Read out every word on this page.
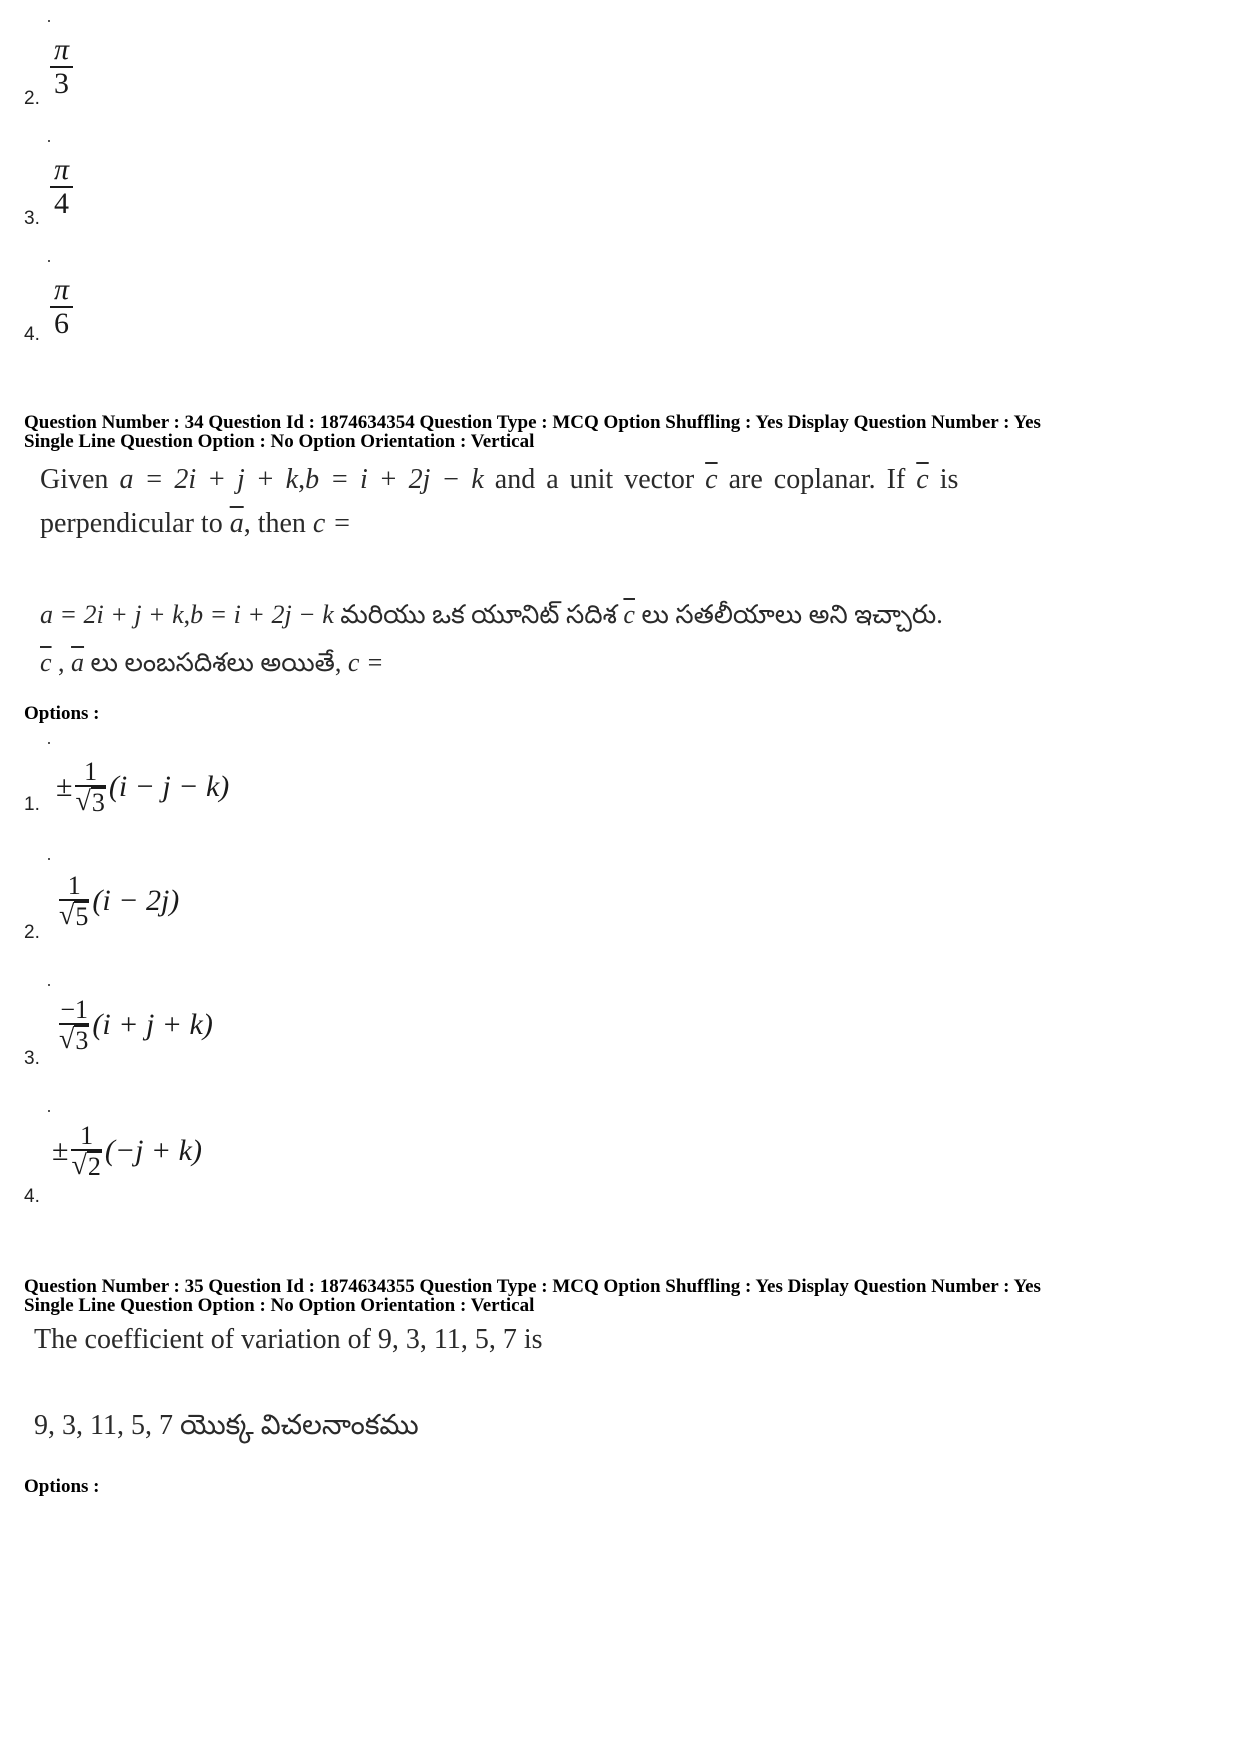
π
3
2.
π
4
3.
π
6
4.
Question Number : 34 Question Id : 1874634354 Question Type : MCQ Option Shuffling : Yes Display Question Number : Yes
Single Line Question Option : No Option Orientation : Vertical
Given a = 2i + j + k,b = i + 2j − k and a unit vector $\overline{c}$ are coplanar. If $\overline{c}$ is
perpendicular to $\overline{a}$, then c =
a = 2i + j + k,b = i + 2j − k మరియు ఒక యూనిట్ సదిశ $\overline{c}$ లు సతలీయాలు అని ఇచ్చారు.
$\overline{c}$ , $\overline{a}$ లు లంబసదిశలు అయితే, c =
Options :
± 1
√ 3 (i − j − k)
1.
1
√ 5 (i − 2j)
2.
−1
√ 3 (i + j + k)
3.
± 1
√ 2 (−j + k)
4.
Question Number : 35 Question Id : 1874634355 Question Type : MCQ Option Shuffling : Yes Display Question Number : Yes
Single Line Question Option : No Option Orientation : Vertical
The coefficient of variation of 9, 3, 11, 5, 7 is
9, 3, 11, 5, 7 యొక్క విచలనాంకము
Options :
